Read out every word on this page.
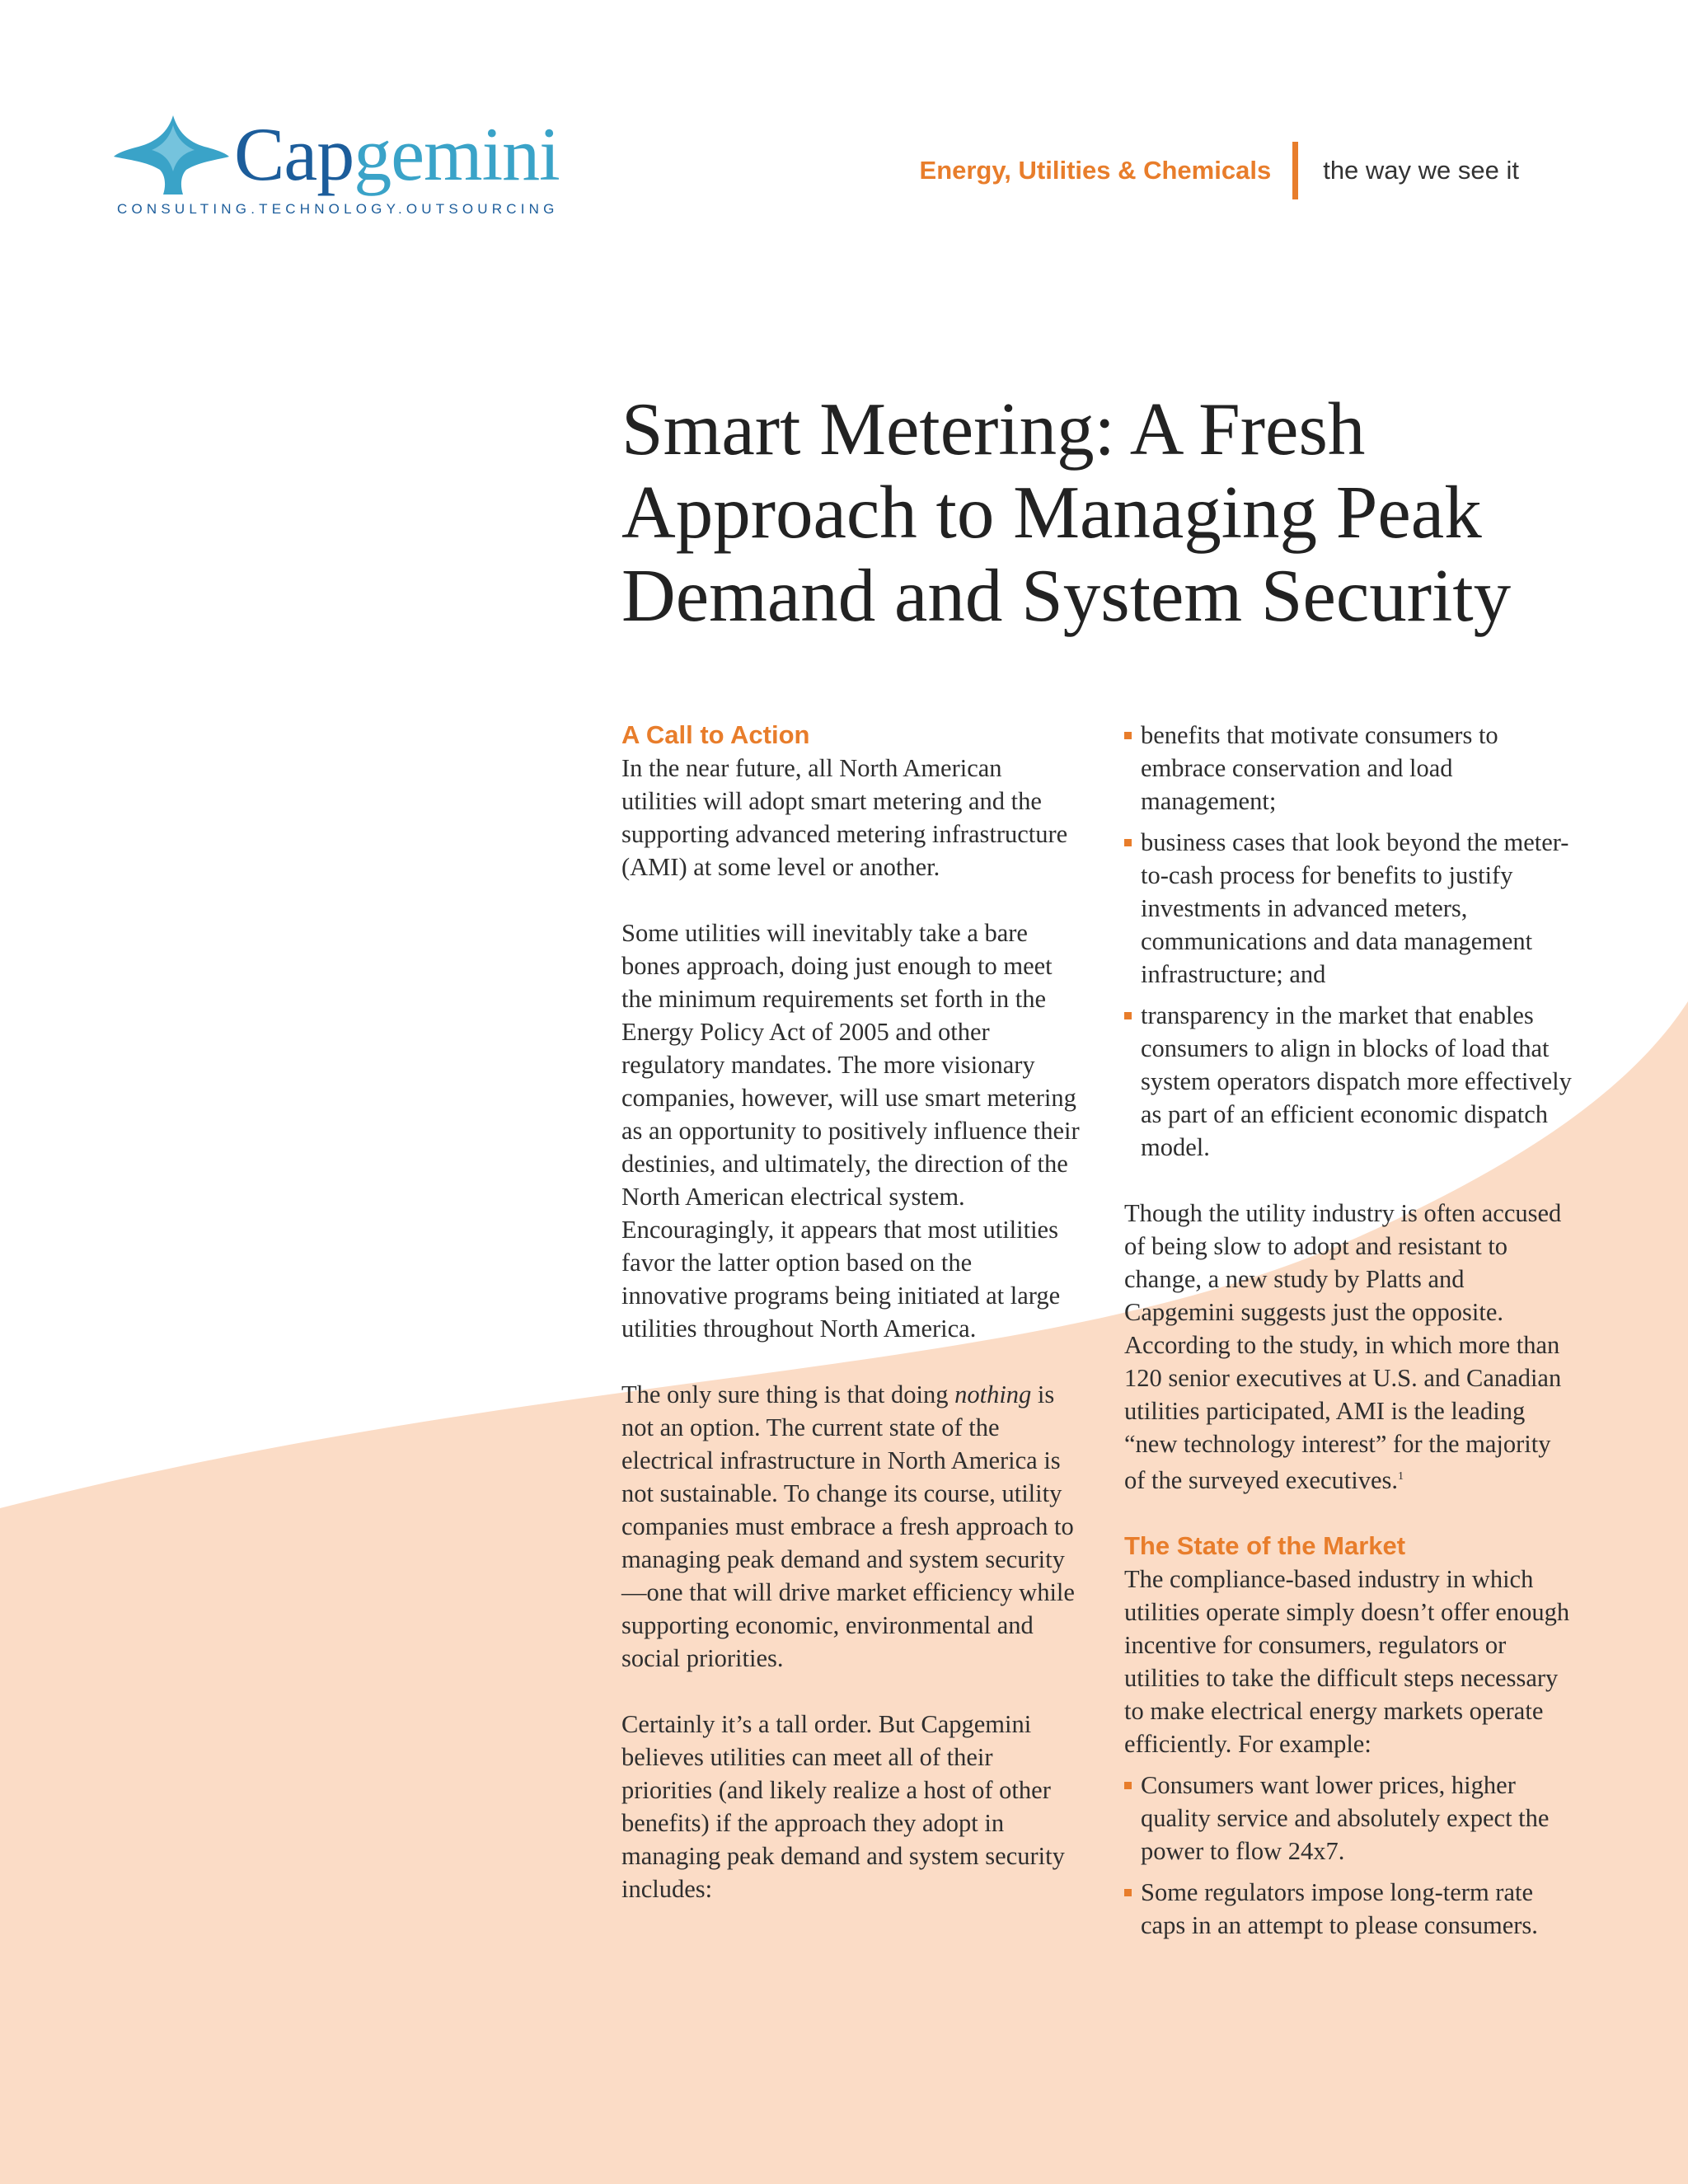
Capgemini
CONSULTING.TECHNOLOGY.OUTSOURCING
Energy, Utilities & Chemicals the way we see it
Smart Metering: A Fresh Approach to Managing Peak Demand and System Security
A Call to Action

In the near future, all North American utilities will adopt smart metering and the supporting advanced metering infrastructure (AMI) at some level or another.

Some utilities will inevitably take a bare bones approach, doing just enough to meet the minimum requirements set forth in the Energy Policy Act of 2005 and other regulatory mandates. The more visionary companies, however, will use smart metering as an opportunity to positively influence their destinies, and ultimately, the direction of the North American electrical system. Encouragingly, it appears that most utilities favor the latter option based on the innovative programs being initiated at large utilities throughout North America.

The only sure thing is that doing nothing is not an option. The current state of the electrical infrastructure in North America is not sustainable. To change its course, utility companies must embrace a fresh approach to managing peak demand and system security—one that will drive market efficiency while supporting economic, environmental and social priorities.

Certainly it’s a tall order. But Capgemini believes utilities can meet all of their priorities (and likely realize a host of other benefits) if the approach they adopt in managing peak demand and system security includes:

benefits that motivate consumers to embrace conservation and load management;
business cases that look beyond the meter-to-cash process for benefits to justify investments in advanced meters, communications and data management infrastructure; and
transparency in the market that enables consumers to align in blocks of load that system operators dispatch more effectively as part of an efficient economic dispatch model.

Though the utility industry is often accused of being slow to adopt and resistant to change, a new study by Platts and Capgemini suggests just the opposite. According to the study, in which more than 120 senior executives at U.S. and Canadian utilities participated, AMI is the leading “new technology interest” for the majority of the surveyed executives.$^1$

The State of the Market

The compliance-based industry in which utilities operate simply doesn’t offer enough incentive for consumers, regulators or utilities to take the difficult steps necessary to make electrical energy markets operate efficiently. For example:

Consumers want lower prices, higher quality service and absolutely expect the power to flow 24x7.
Some regulators impose long-term rate caps in an attempt to please consumers.
